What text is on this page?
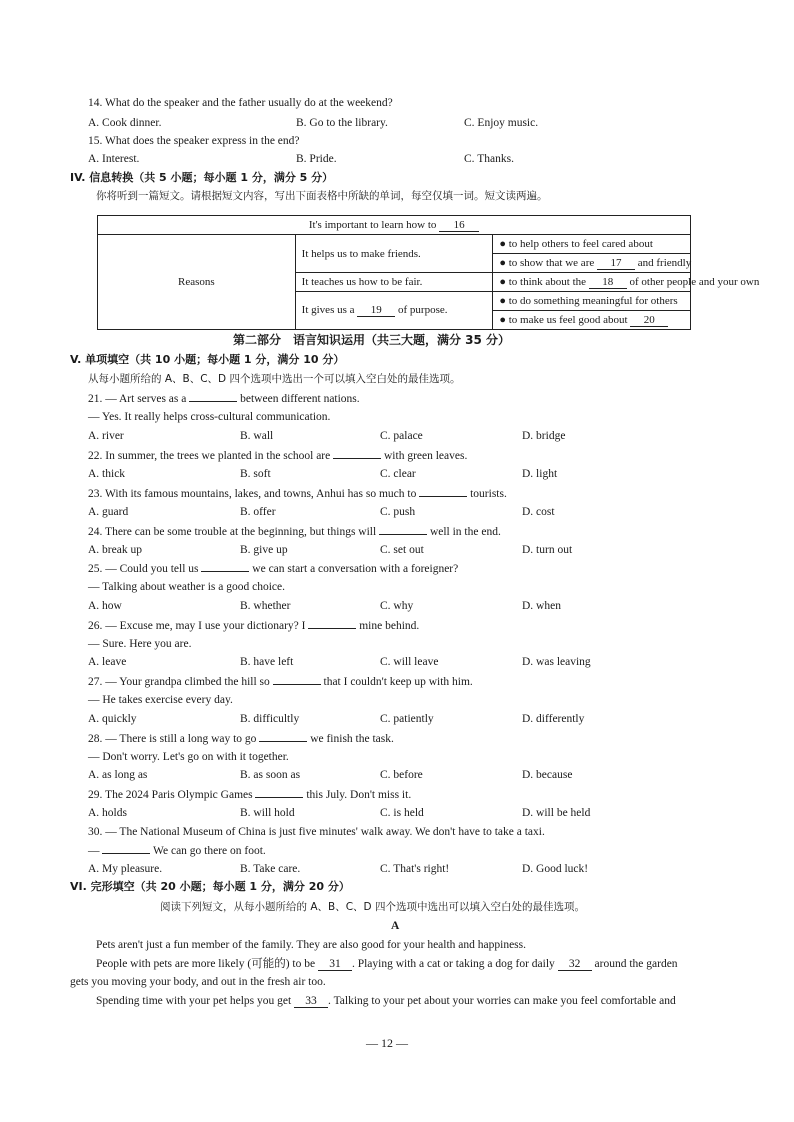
14. What do the speaker and the father usually do at the weekend?
A. Cook dinner.	B. Go to the library.	C. Enjoy music.
15. What does the speaker express in the end?
A. Interest.	B. Pride.	C. Thanks.
IV. 信息转换（共 5 小题；每小题 1 分，满分 5 分）
你将听到一篇短文。请根据短文内容，写出下面表格中所缺的单词，每空仅填一词。短文读两遍。
It's important to learn how to 16		
Reasons	It helps us to make friends.	● to help others to feel cared about
		● to show that we are 17 and friendly
	It teaches us how to be fair.	● to think about the 18 of other people and your own
	It gives us a 19 of purpose.	● to do something meaningful for others
		● to make us feel good about 20
第二部分　语言知识运用（共三大题，满分 35 分）
V. 单项填空（共 10 小题；每小题 1 分，满分 10 分）
从每小题所给的 A、B、C、D 四个选项中选出一个可以填入空白处的最佳选项。
21. — Art serves as a	between different nations.
— Yes. It really helps cross-cultural communication.
A. river	B. wall	C. palace	D. bridge
22. In summer, the trees we planted in the school are	with green leaves.
A. thick	B. soft	C. clear	D. light
23. With its famous mountains, lakes, and towns, Anhui has so much to	tourists.
A. guard	B. offer	C. push	D. cost
24. There can be some trouble at the beginning, but things will	well in the end.
A. break up	B. give up	C. set out	D. turn out
25. — Could you tell us	we can start a conversation with a foreigner?
— Talking about weather is a good choice.
A. how	B. whether	C. why	D. when
26. — Excuse me, may I use your dictionary? I	mine behind.
— Sure. Here you are.
A. leave	B. have left	C. will leave	D. was leaving
27. — Your grandpa climbed the hill so	that I couldn't keep up with him.
— He takes exercise every day.
A. quickly	B. difficultly	C. patiently	D. differently
28. — There is still a long way to go	we finish the task.
— Don't worry. Let's go on with it together.
A. as long as	B. as soon as	C. before	D. because
29. The 2024 Paris Olympic Games	this July. Don't miss it.
A. holds	B. will hold	C. is held	D. will be held
30. — The National Museum of China is just five minutes' walk away. We don't have to take a taxi.
—	We can go there on foot.
A. My pleasure.	B. Take care.	C. That's right!	D. Good luck!
VI. 完形填空（共 20 小题；每小题 1 分，满分 20 分）
阅读下列短文，从每小题所给的 A、B、C、D 四个选项中选出可以填入空白处的最佳选项。
A
Pets aren't just a fun member of the family. They are also good for your health and happiness.
People with pets are more likely (可能的) to be 31 . Playing with a cat or taking a dog for daily 32 around the garden
gets you moving your body, and out in the fresh air too.
Spending time with your pet helps you get 33 . Talking to your pet about your worries can make you feel comfortable and
— 12 —
